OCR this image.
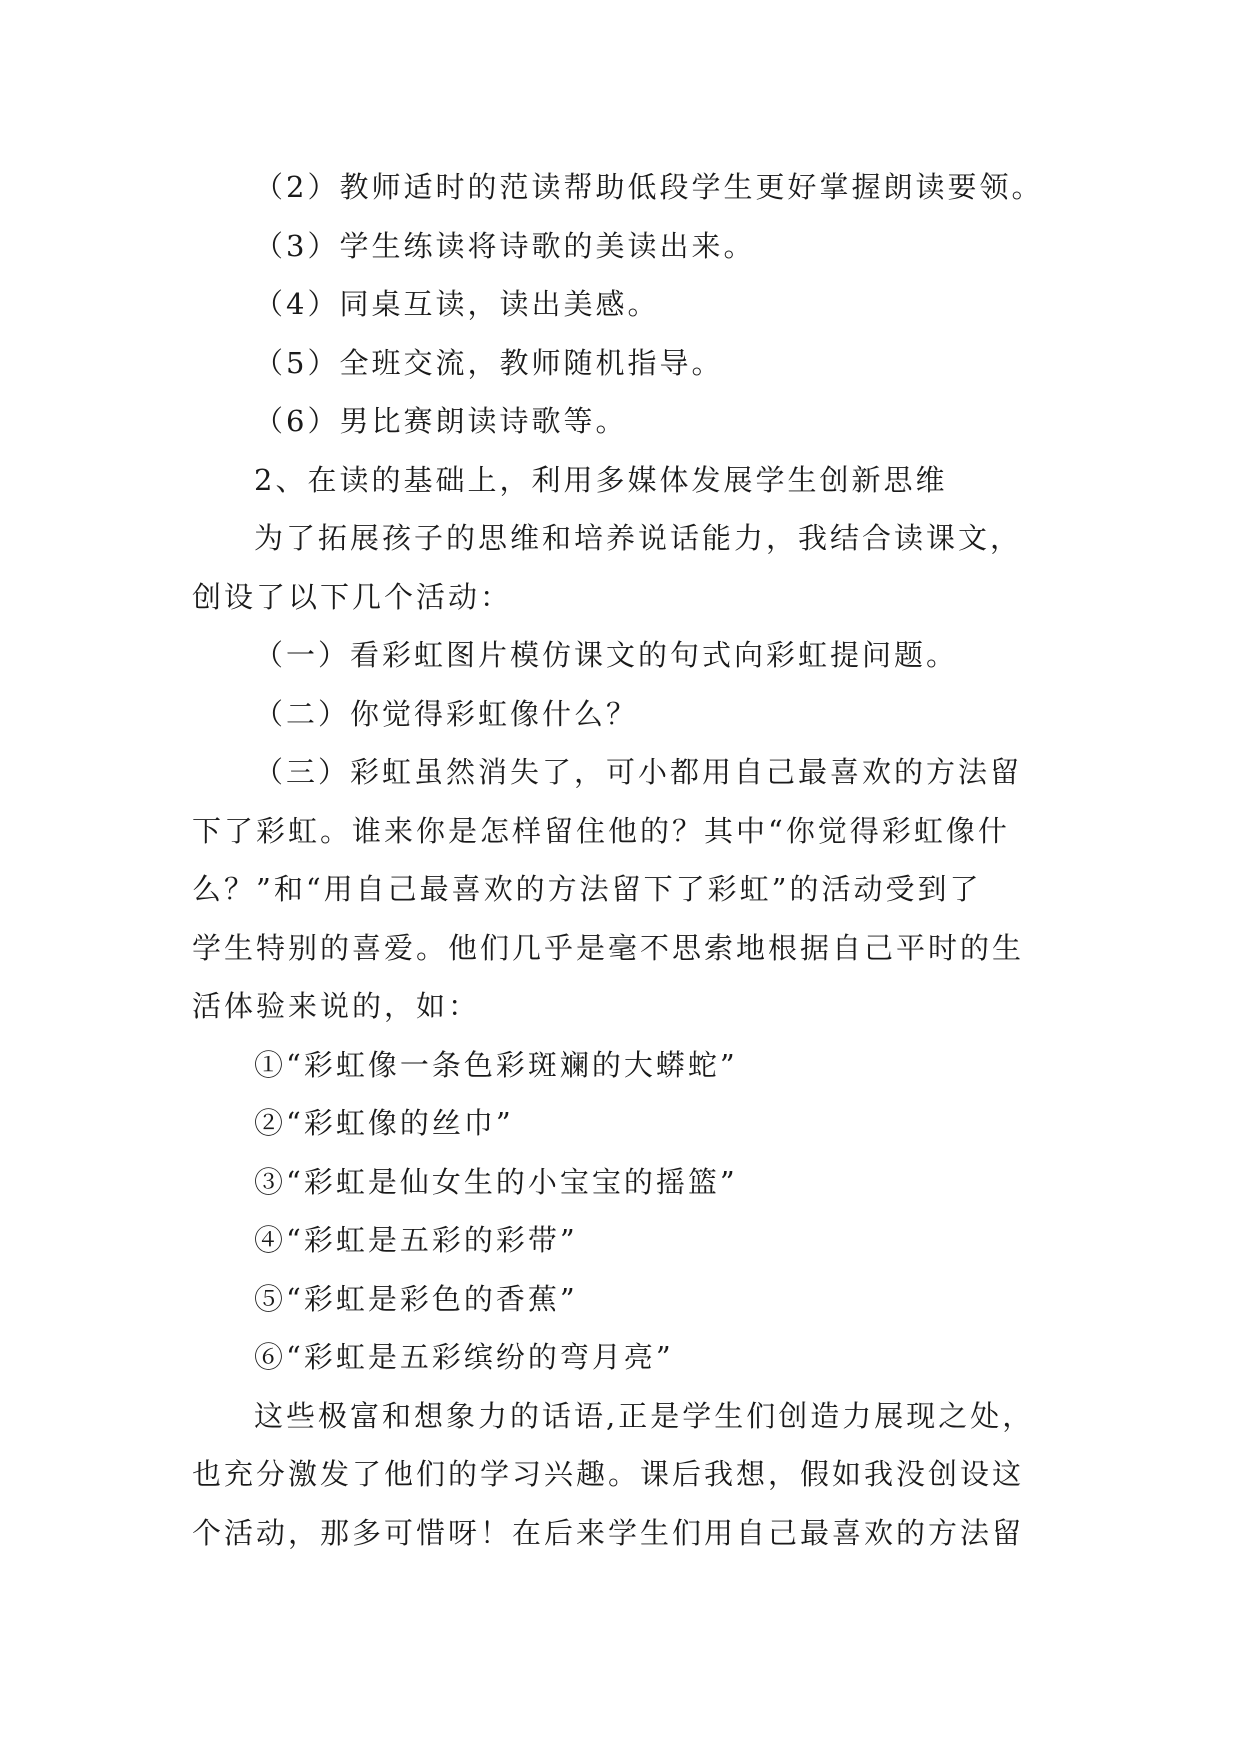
（2）教师适时的范读帮助低段学生更好掌握朗读要领。

（3）学生练读将诗歌的美读出来。

（4）同桌互读，读出美感。

（5）全班交流，教师随机指导。

（6）男比赛朗读诗歌等。

2、在读的基础上，利用多媒体发展学生创新思维

为了拓展孩子的思维和培养说话能力，我结合读课文，

创设了以下几个活动：

（一）看彩虹图片模仿课文的句式向彩虹提问题。

（二）你觉得彩虹像什么？

（三）彩虹虽然消失了，可小都用自己最喜欢的方法留

下了彩虹。谁来你是怎样留住他的？其中“你觉得彩虹像什

么？”和“用自己最喜欢的方法留下了彩虹”的活动受到了

学生特别的喜爱。他们几乎是毫不思索地根据自己平时的生

活体验来说的，如：

①“彩虹像一条色彩斑斓的大蟒蛇”

②“彩虹像的丝巾”

③“彩虹是仙女生的小宝宝的摇篮”

④“彩虹是五彩的彩带”

⑤“彩虹是彩色的香蕉”

⑥“彩虹是五彩缤纷的弯月亮”

这些极富和想象力的话语,正是学生们创造力展现之处，

也充分激发了他们的学习兴趣。课后我想，假如我没创设这

个活动，那多可惜呀！在后来学生们用自己最喜欢的方法留
